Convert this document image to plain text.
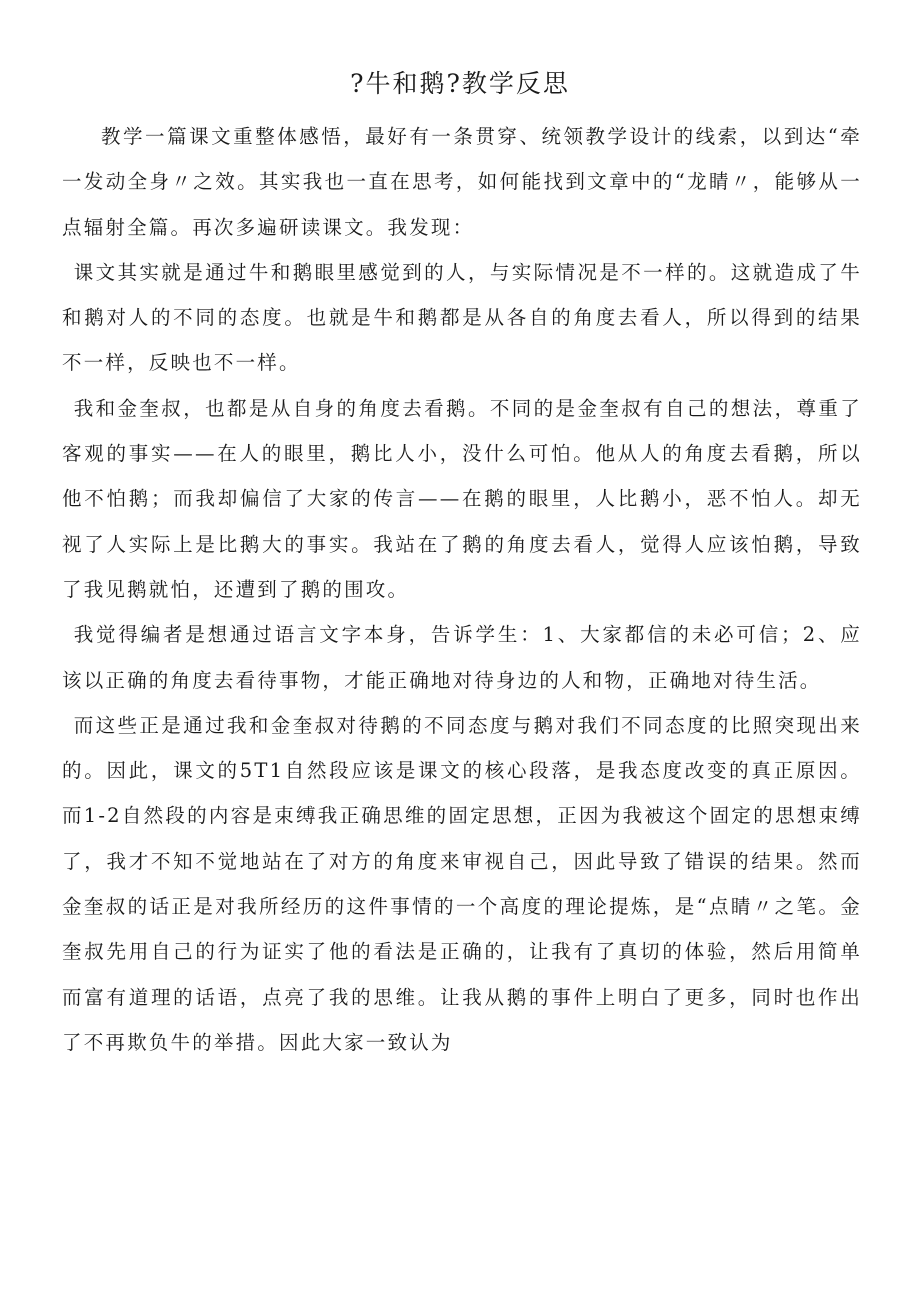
?牛和鹅?教学反思

教学一篇课文重整体感悟，最好有一条贯穿、统领教学设计的线索，以到达“牵一发动全身〃之效。其实我也一直在思考，如何能找到文章中的“龙睛〃，能够从一点辐射全篇。再次多遍研读课文。我发现：

课文其实就是通过牛和鹅眼里感觉到的人，与实际情况是不一样的。这就造成了牛和鹅对人的不同的态度。也就是牛和鹅都是从各自的角度去看人，所以得到的结果不一样，反映也不一样。

我和金奎叔，也都是从自身的角度去看鹅。不同的是金奎叔有自己的想法，尊重了客观的事实——在人的眼里，鹅比人小，没什么可怕。他从人的角度去看鹅，所以他不怕鹅；而我却偏信了大家的传言——在鹅的眼里，人比鹅小，恶不怕人。却无视了人实际上是比鹅大的事实。我站在了鹅的角度去看人，觉得人应该怕鹅，导致了我见鹅就怕，还遭到了鹅的围攻。

我觉得编者是想通过语言文字本身，告诉学生：1、大家都信的未必可信；2、应该以正确的角度去看待事物，才能正确地对待身边的人和物，正确地对待生活。

而这些正是通过我和金奎叔对待鹅的不同态度与鹅对我们不同态度的比照突现出来的。因此，课文的5T1自然段应该是课文的核心段落，是我态度改变的真正原因。而1-2自然段的内容是束缚我正确思维的固定思想，正因为我被这个固定的思想束缚了，我才不知不觉地站在了对方的角度来审视自己，因此导致了错误的结果。然而金奎叔的话正是对我所经历的这件事情的一个高度的理论提炼，是“点睛〃之笔。金奎叔先用自己的行为证实了他的看法是正确的，让我有了真切的体验，然后用简单而富有道理的话语，点亮了我的思维。让我从鹅的事件上明白了更多，同时也作出了不再欺负牛的举措。因此大家一致认为
